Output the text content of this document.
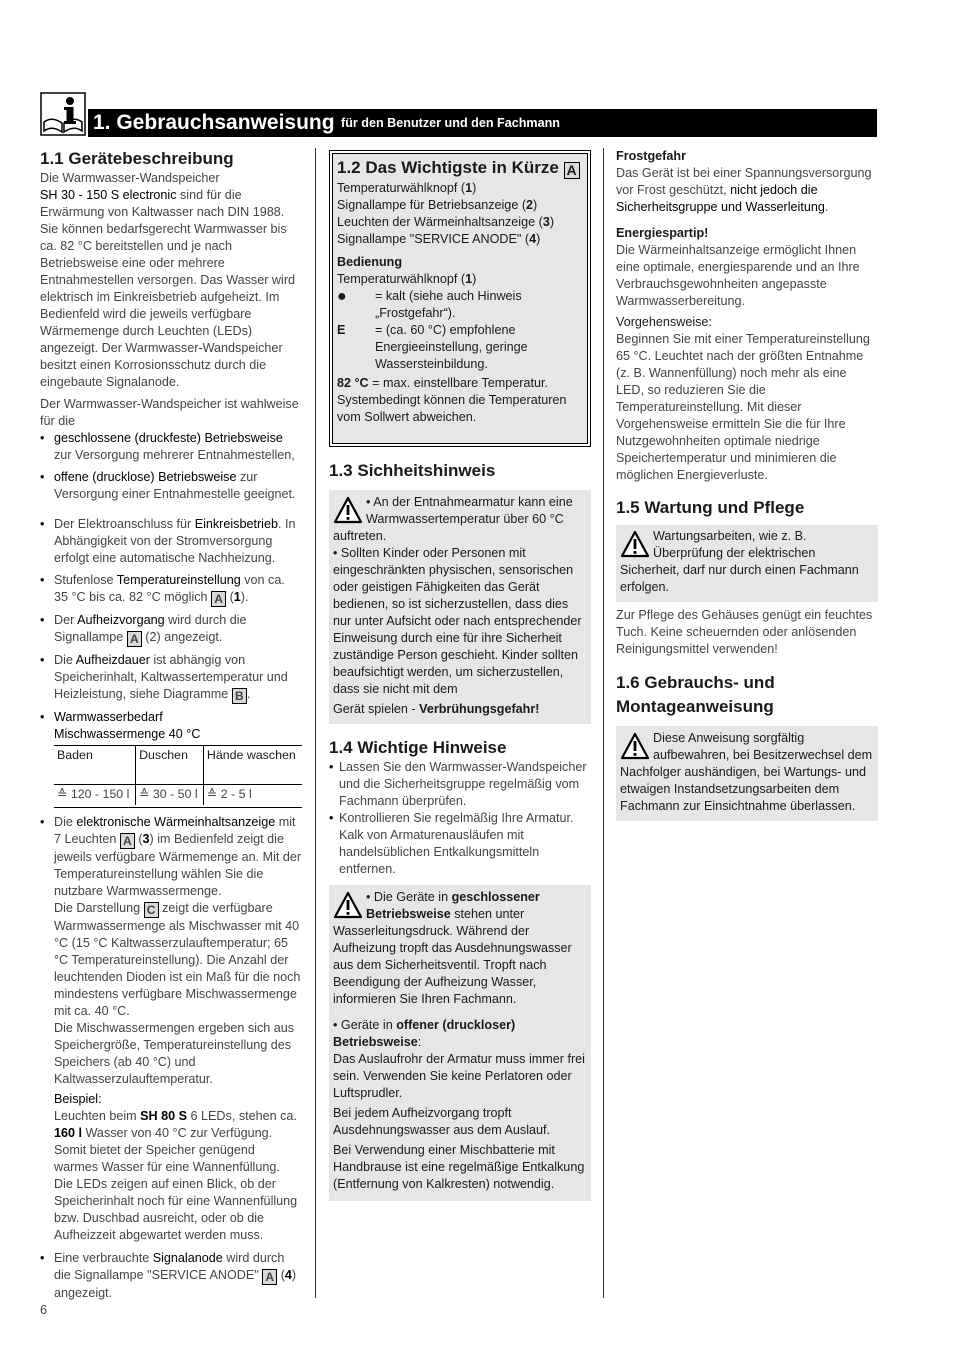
1. Gebrauchsanweisung für den Benutzer und den Fachmann
1.1 Gerätebeschreibung

Die Warmwasser-Wandspeicher
SH 30 - 150 S electronic sind für die Erwärmung von Kaltwasser nach DIN 1988. Sie können bedarfsgerecht Warmwasser bis ca. 82 °C bereitstellen und je nach Betriebsweise eine oder mehrere Entnahmestellen versorgen. Das Wasser wird elektrisch im Einkreisbetrieb aufgeheizt. Im Bedienfeld wird die jeweils verfügbare Wärmemenge durch Leuchten (LEDs) angezeigt. Der Warmwasser-Wandspeicher besitzt einen Korrosionsschutz durch die eingebaute Signalanode.

Der Warmwasser-Wandspeicher ist wahlweise für die

• geschlossene (druckfeste) Betriebsweise zur Versorgung mehrerer Entnahmestellen,

• offene (drucklose) Betriebsweise zur Versorgung einer Entnahmestelle geeignet.

• Der Elektroanschluss für Einkreisbetrieb. In Abhängigkeit von der Stromversorgung erfolgt eine automatische Nachheizung.

• Stufenlose Temperatureinstellung von ca. 35 °C bis ca. 82 °C möglich A (1).

• Der Aufheizvorgang wird durch die Signallampe A (2) angezeigt.

• Die Aufheizdauer ist abhängig von Speicherinhalt, Kaltwassertemperatur und Heizleistung, siehe Diagramme B .

• Warmwasserbedarf
Mischwassermenge 40 °C

Baden	Duschen	Hände waschen
≙ 120 - 150 l	≙ 30 - 50 l	≙ 2 - 5 l

• Die elektronische Wärmeinhaltsanzeige mit 7 Leuchten A (3) im Bedienfeld zeigt die jeweils verfügbare Wärmemenge an. Mit der Temperatureinstellung wählen Sie die nutzbare Warmwassermenge.
Die Darstellung C zeigt die verfügbare Warmwassermenge als Mischwasser mit 40 °C (15 °C Kaltwasserzulauftemperatur; 65 °C Temperatureinstellung). Die Anzahl der leuchtenden Dioden ist ein Maß für die noch mindestens verfügbare Mischwassermenge mit ca. 40 °C.
Die Mischwassermengen ergeben sich aus Speichergröße, Temperatureinstellung des Speichers (ab 40 °C) und Kaltwasserzulauftemperatur.

Beispiel:

Leuchten beim SH 80 S 6 LEDs, stehen ca. 160 l Wasser von 40 °C zur Verfügung. Somit bietet der Speicher genügend warmes Wasser für eine Wannenfüllung. Die LEDs zeigen auf einen Blick, ob der Speicherinhalt noch für eine Wannenfüllung bzw. Duschbad ausreicht, oder ob die Aufheizzeit abgewartet werden muss.

• Eine verbrauchte Signalanode wird durch die Signallampe "SERVICE ANODE" A (4) angezeigt.

6
1.2 Das Wichtigste in Kürze A

Temperaturwählknopf (1)

Signallampe für Betriebsanzeige (2)

Leuchten der Wärmeinhaltsanzeige (3)

Signallampe "SERVICE ANODE" (4)

Bedienung

Temperaturwählknopf (1)

● = kalt (siehe auch Hinweis „Frostgefahr“).
E = (ca. 60 °C) empfohlene Energieeinstellung, geringe Wassersteinbildung.

82 °C = max. einstellbare Temperatur.

Systembedingt können die Temperaturen vom Sollwert abweichen.

1.3 Sichheitshinweis

• An der Entnahmearmatur kann eine Warmwassertemperatur über 60 °C auftreten.

• Sollten Kinder oder Personen mit eingeschränkten physischen, sensorischen oder geistigen Fähigkeiten das Gerät bedienen, so ist sicherzustellen, dass dies nur unter Aufsicht oder nach entsprechender Einweisung durch eine für ihre Sicherheit zuständige Person geschieht. Kinder sollten beaufsichtigt werden, um sicherzustellen, dass sie nicht mit dem

Gerät spielen - Verbrühungsgefahr!

1.4 Wichtige Hinweise

• Lassen Sie den Warmwasser-Wandspeicher und die Sicherheitsgruppe regelmäßig vom Fachmann überprüfen.

• Kontrollieren Sie regelmäßig Ihre Armatur. Kalk von Armaturenausläufen mit handelsüblichen Entkalkungsmitteln entfernen.

• Die Geräte in geschlossener Betriebsweise stehen unter Wasserleitungsdruck. Während der Aufheizung tropft das Ausdehnungswasser aus dem Sicherheitsventil. Tropft nach Beendigung der Aufheizung Wasser, informieren Sie Ihren Fachmann.

• Geräte in offener (druckloser) Betriebsweise:

Das Auslaufrohr der Armatur muss immer frei sein. Verwenden Sie keine Perlatoren oder Luftsprudler.

Bei jedem Aufheizvorgang tropft Ausdehnungswasser aus dem Auslauf.

Bei Verwendung einer Mischbatterie mit Handbrause ist eine regelmäßige Entkalkung (Entfernung von Kalkresten) notwendig.

Frostgefahr

Das Gerät ist bei einer Spannungsversorgung vor Frost geschützt, nicht jedoch die Sicherheitsgruppe und Wasserleitung.

Energiespartip!

Die Wärmeinhaltsanzeige ermöglicht Ihnen eine optimale, energiesparende und an Ihre Verbrauchsgewohnheiten angepasste Warmwasserbereitung.

Vorgehensweise:

Beginnen Sie mit einer Temperatureinstellung 65 °C. Leuchtet nach der größten Entnahme (z. B. Wannenfüllung) noch mehr als eine LED, so reduzieren Sie die Temperatureinstellung. Mit dieser Vorgehensweise ermitteln Sie die für Ihre Nutzgewohnheiten optimale niedrige Speichertemperatur und minimieren die möglichen Energieverluste.

1.5 Wartung und Pflege

Wartungsarbeiten, wie z. B. Überprüfung der elektrischen Sicherheit, darf nur durch einen Fachmann erfolgen.

Zur Pflege des Gehäuses genügt ein feuchtes Tuch. Keine scheuernden oder anlösenden Reinigungsmittel verwenden!

1.6 Gebrauchs- und Montageanweisung

Diese Anweisung sorgfältig aufbewahren, bei Besitzerwechsel dem Nachfolger aushändigen, bei Wartungs- und etwaigen Instandsetzungsarbeiten dem Fachmann zur Einsichtnahme überlassen.
